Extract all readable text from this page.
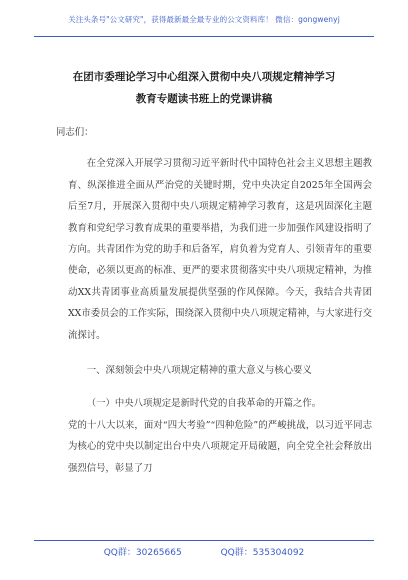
关注头条号"公文研究"，获得最新最全最专业的公文资料库！ 微信：gongwenyj
在团市委理论学习中心组深入贯彻中央八项规定精神学习
教育专题读书班上的党课讲稿

同志们：

在全党深入开展学习贯彻习近平新时代中国特色社会主义思想主题教育、纵深推进全面从严治党的关键时期，党中央决定自2025年全国两会后至7月，开展深入贯彻中央八项规定精神学习教育，这是巩固深化主题教育和党纪学习教育成果的重要举措，为我们进一步加强作风建设指明了方向。共青团作为党的助手和后备军，肩负着为党育人、引领青年的重要使命，必须以更高的标准、更严的要求贯彻落实中央八项规定精神，为推动XX共青团事业高质量发展提供坚强的作风保障。今天，我结合共青团XX市委员会的工作实际，围绕深入贯彻中央八项规定精神，与大家进行交流探讨。

一、深刻领会中央八项规定精神的重大意义与核心要义

（一）中央八项规定是新时代党的自我革命的开篇之作。

党的十八大以来，面对“四大考验”“四种危险”的严峻挑战，以习近平同志为核心的党中央以制定出台中央八项规定开局破题，向全党全社会释放出强烈信号，彰显了刀

QQ群：30265665	QQ群：535304092
